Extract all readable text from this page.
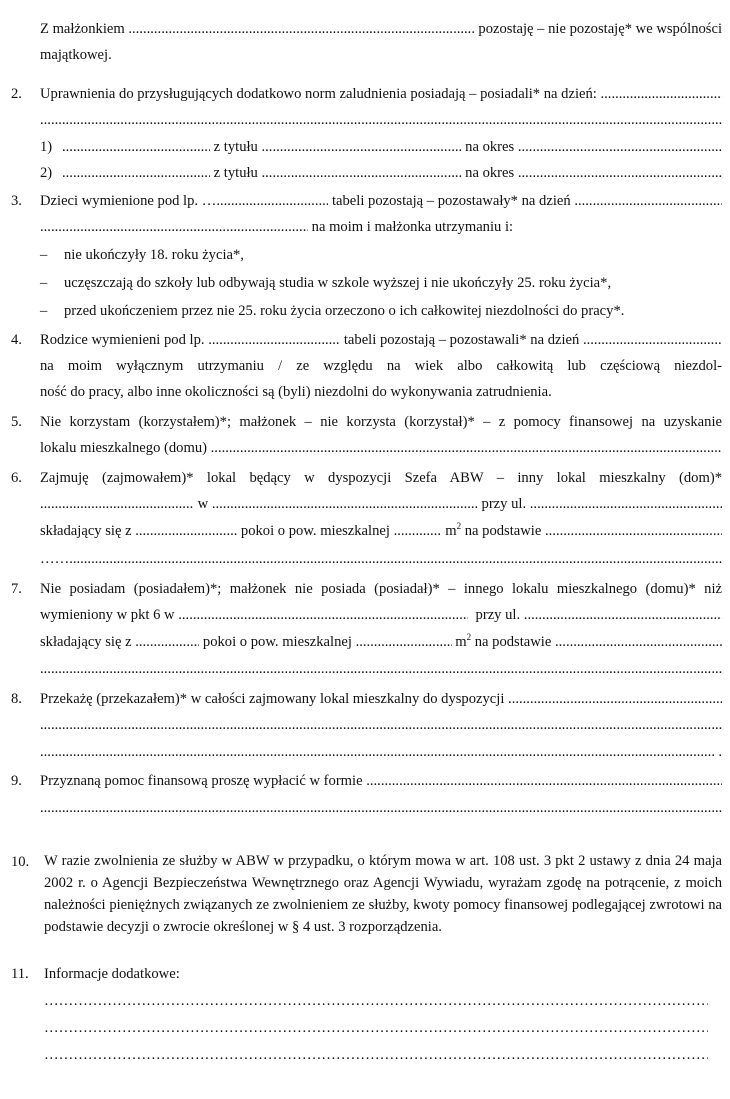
Z małżonkiem
.....
	pozostaję – nie pozostaję* we wspólności
majątkowej.
2. Uprawnienia do przysługujących dodatkowo norm zaludnienia posiadają – posiadali* na dzień:

.....
.....
1) .....
	z tytułu
.....
	na okres

.....
2) .....
	z tytułu
.....
	na okres

.....
3. Dzieci wymienione pod lp. … .....
	tabeli pozostają – pozostawały* na dzień

.....
.....

na moim i małżonka utrzymaniu i:
– nie ukończyły 18. roku życia*,
– uczęszczają do szkoły lub odbywają studia w szkole wyższej i nie ukończyły 25. roku życia*,
– przed ukończeniem przez nie 25. roku życia orzeczono o ich całkowitej niezdolności do pracy*.
4. Rodzice wymienieni pod lp.
.....
	tabeli pozostają – pozostawali* na dzień

.....
na moim wyłącznym utrzymaniu / ze względu na wiek albo całkowitą lub częściową niezdol-
ność do pracy, albo inne okoliczności są (byli) niezdolni do wykonywania zatrudnienia.
5. Nie korzystam (korzystałem)*; małżonek – nie korzysta (korzystał)* – z pomocy finansowej na uzyskanie
lokalu mieszkalnego (domu)

.....
6. Zajmuję (zajmowałem)* lokal będący w dyspozycji Szefa ABW – inny lokal mieszkalny (dom)*
.....

w
.....
	przy ul.

.....
składający się z
.....
	pokoi o pow. mieszkalnej
.....
	$m^2$
na podstawie

.....
……
.....
7. Nie posiadam (posiadałem)*; małżonek nie posiada (posiadał)* – innego lokalu mieszkalnego (domu)* niż
wymieniony w pkt 6 w
.....
	przy ul.

.....
składający się z
.....
	pokoi o pow. mieszkalnej
.....
	$m^2$
na podstawie

.....
.....
8. Przekażę (przekazałem)* w całości zajmowany lokal mieszkalny do dyspozycji

.....
.....
.....

.
9. Przyznaną pomoc finansową proszę wypłacić w formie

.....
.....
10. W razie zwolnienia ze służby w ABW w przypadku, o którym mowa w art. 108 ust. 3 pkt 2 ustawy z dnia 24 maja 2002 r. o Agencji Bezpieczeństwa Wewnętrznego oraz Agencji Wywiadu, wyrażam zgodę na potrącenie, z moich należności pieniężnych związanych ze zwolnieniem ze służby, kwoty pomocy finansowej podlegającej zwrotowi na podstawie decyzji o zwrocie określonej w § 4 ust. 3 rozporządzenia.
11. Informacje dodatkowe:
……………………………………………………………………………………………………………………………………………………………………………………………………
……………………………………………………………………………………………………………………………………………………………………………………………………
……………………………………………………………………………………………………………………………………………………………………………………………………
